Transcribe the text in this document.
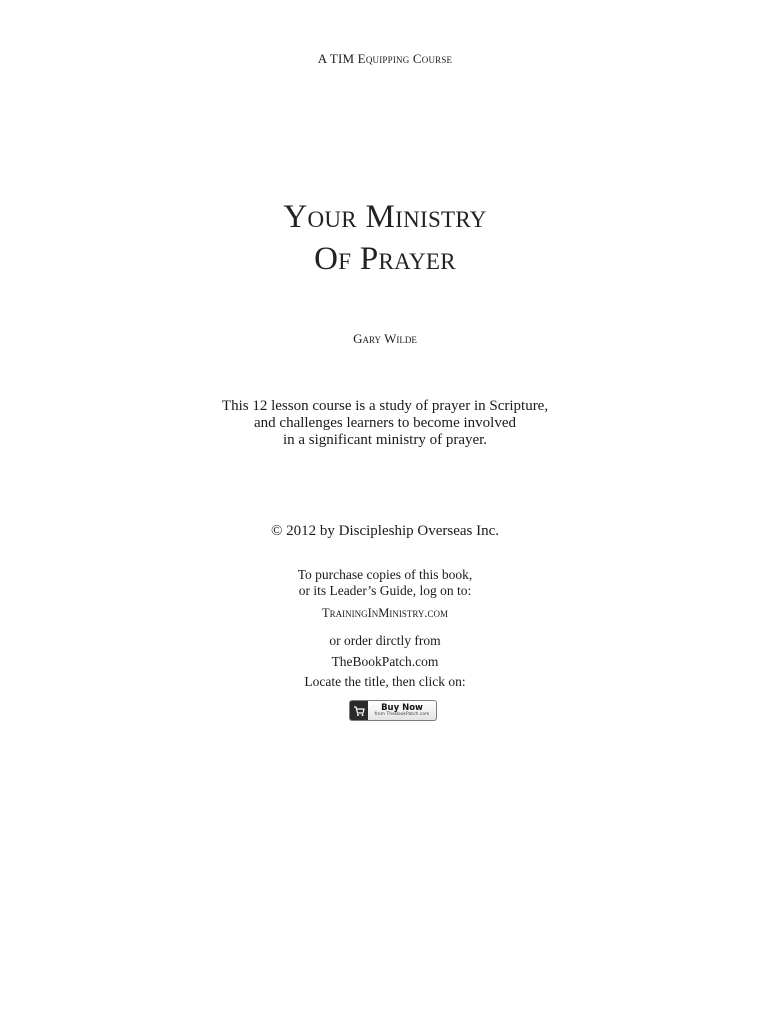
A TIM Equipping Course

Your Ministry
Of Prayer

Gary Wilde

This 12 lesson course is a study of prayer in Scripture,
and challenges learners to become involved
in a significant ministry of prayer.

© 2012 by Discipleship Overseas Inc.

To purchase copies of this book,
or its Leader’s Guide, log on to:

TrainingInMinistry.com

or order dirctly from

TheBookPatch.com

Locate the title, then click on:

Buy Now
from TheBookPatch.com
